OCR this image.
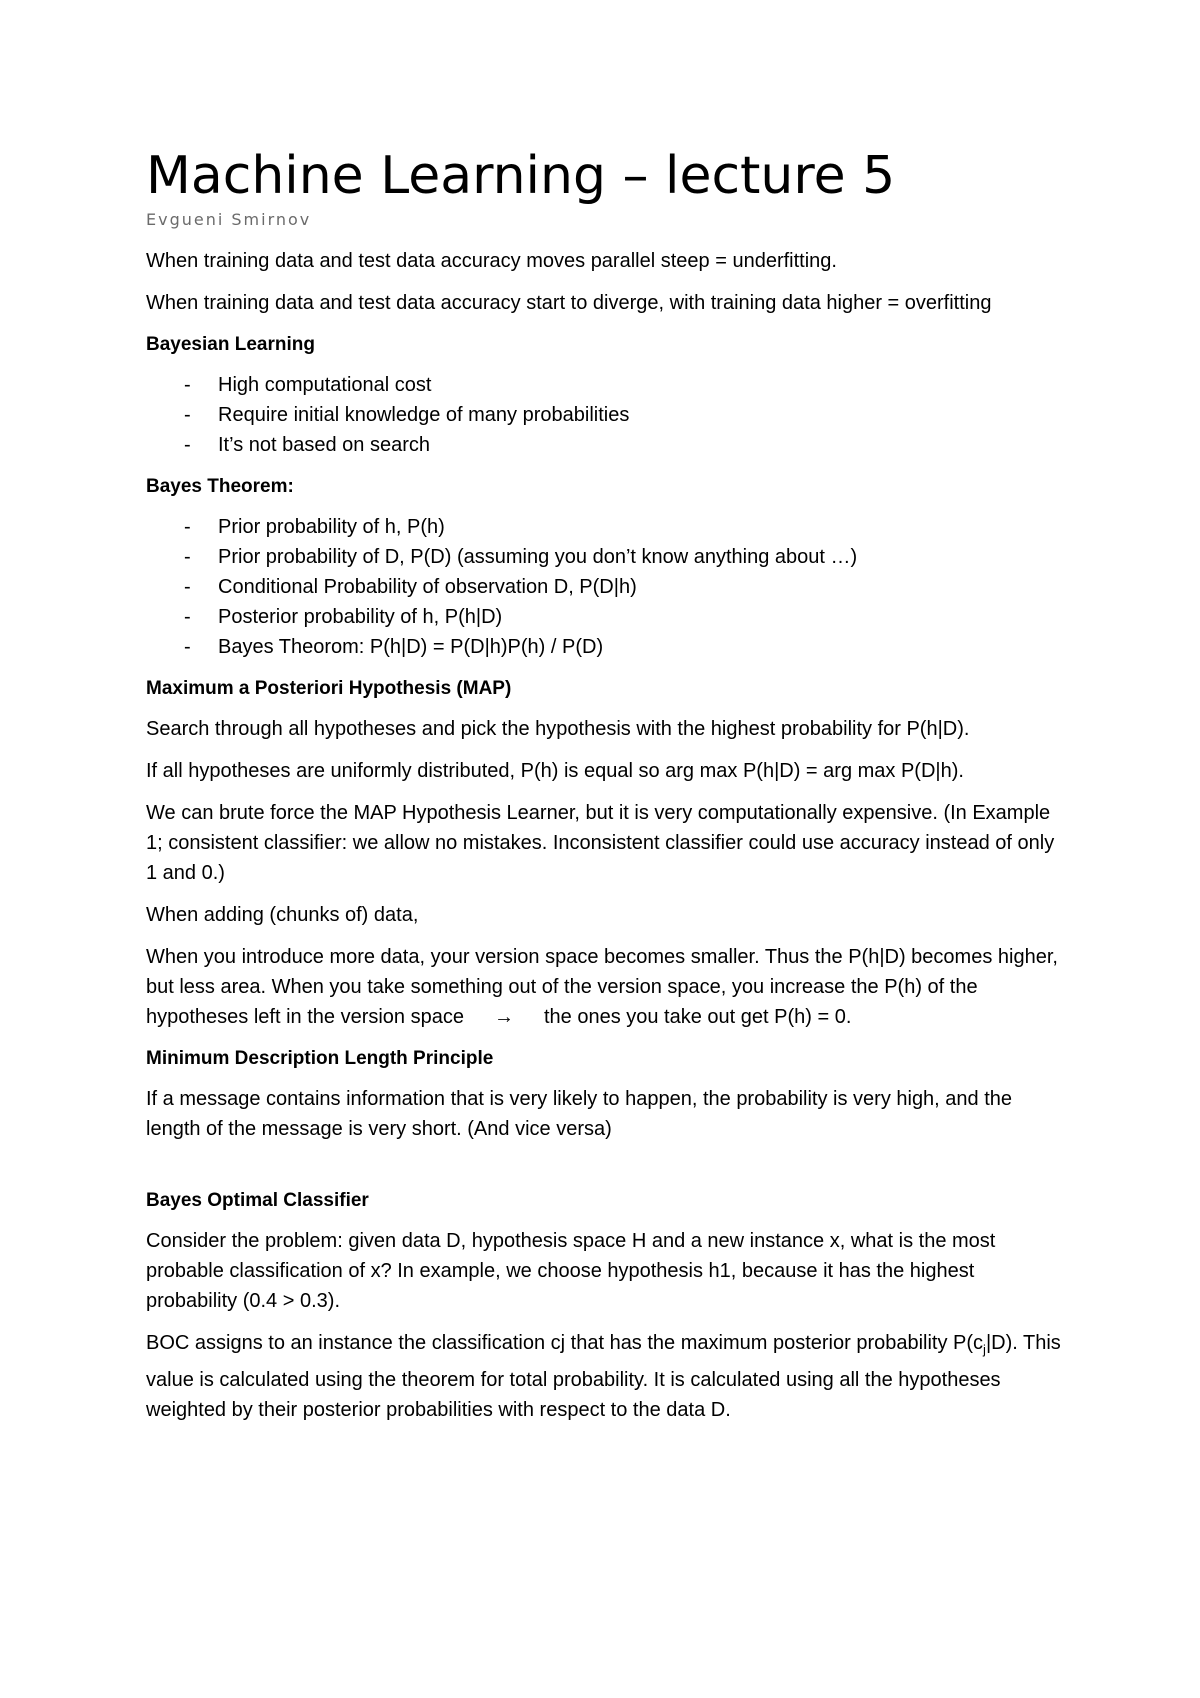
Machine Learning – lecture 5
Evgueni Smirnov

When training data and test data accuracy moves parallel steep = underfitting.

When training data and test data accuracy start to diverge, with training data higher = overfitting

Bayesian Learning
- High computational cost
- Require initial knowledge of many probabilities
- It’s not based on search
Bayes Theorem:
- Prior probability of h, P(h)
- Prior probability of D, P(D) (assuming you don’t know anything about …)
- Conditional Probability of observation D, P(D|h)
- Posterior probability of h, P(h|D)
- Bayes Theorom: P(h|D) = P(D|h)P(h) / P(D)
Maximum a Posteriori Hypothesis (MAP)

Search through all hypotheses and pick the hypothesis with the highest probability for P(h|D).

If all hypotheses are uniformly distributed, P(h) is equal so arg max P(h|D) = arg max P(D|h).

We can brute force the MAP Hypothesis Learner, but it is very computationally expensive. (In Example 1; consistent classifier: we allow no mistakes. Inconsistent classifier could use accuracy instead of only 1 and 0.)

When adding (chunks of) data,

When you introduce more data, your version space becomes smaller. Thus the P(h|D) becomes higher, but less area. When you take something out of the version space, you increase the P(h) of the hypotheses left in the version space → the ones you take out get P(h) = 0.

Minimum Description Length Principle

If a message contains information that is very likely to happen, the probability is very high, and the length of the message is very short. (And vice versa)

Bayes Optimal Classifier

Consider the problem: given data D, hypothesis space H and a new instance x, what is the most probable classification of x? In example, we choose hypothesis h1, because it has the highest probability (0.4 > 0.3).

BOC assigns to an instance the classification cj that has the maximum posterior probability $P(c_j|D)$. This value is calculated using the theorem for total probability. It is calculated using all the hypotheses weighted by their posterior probabilities with respect to the data D.
